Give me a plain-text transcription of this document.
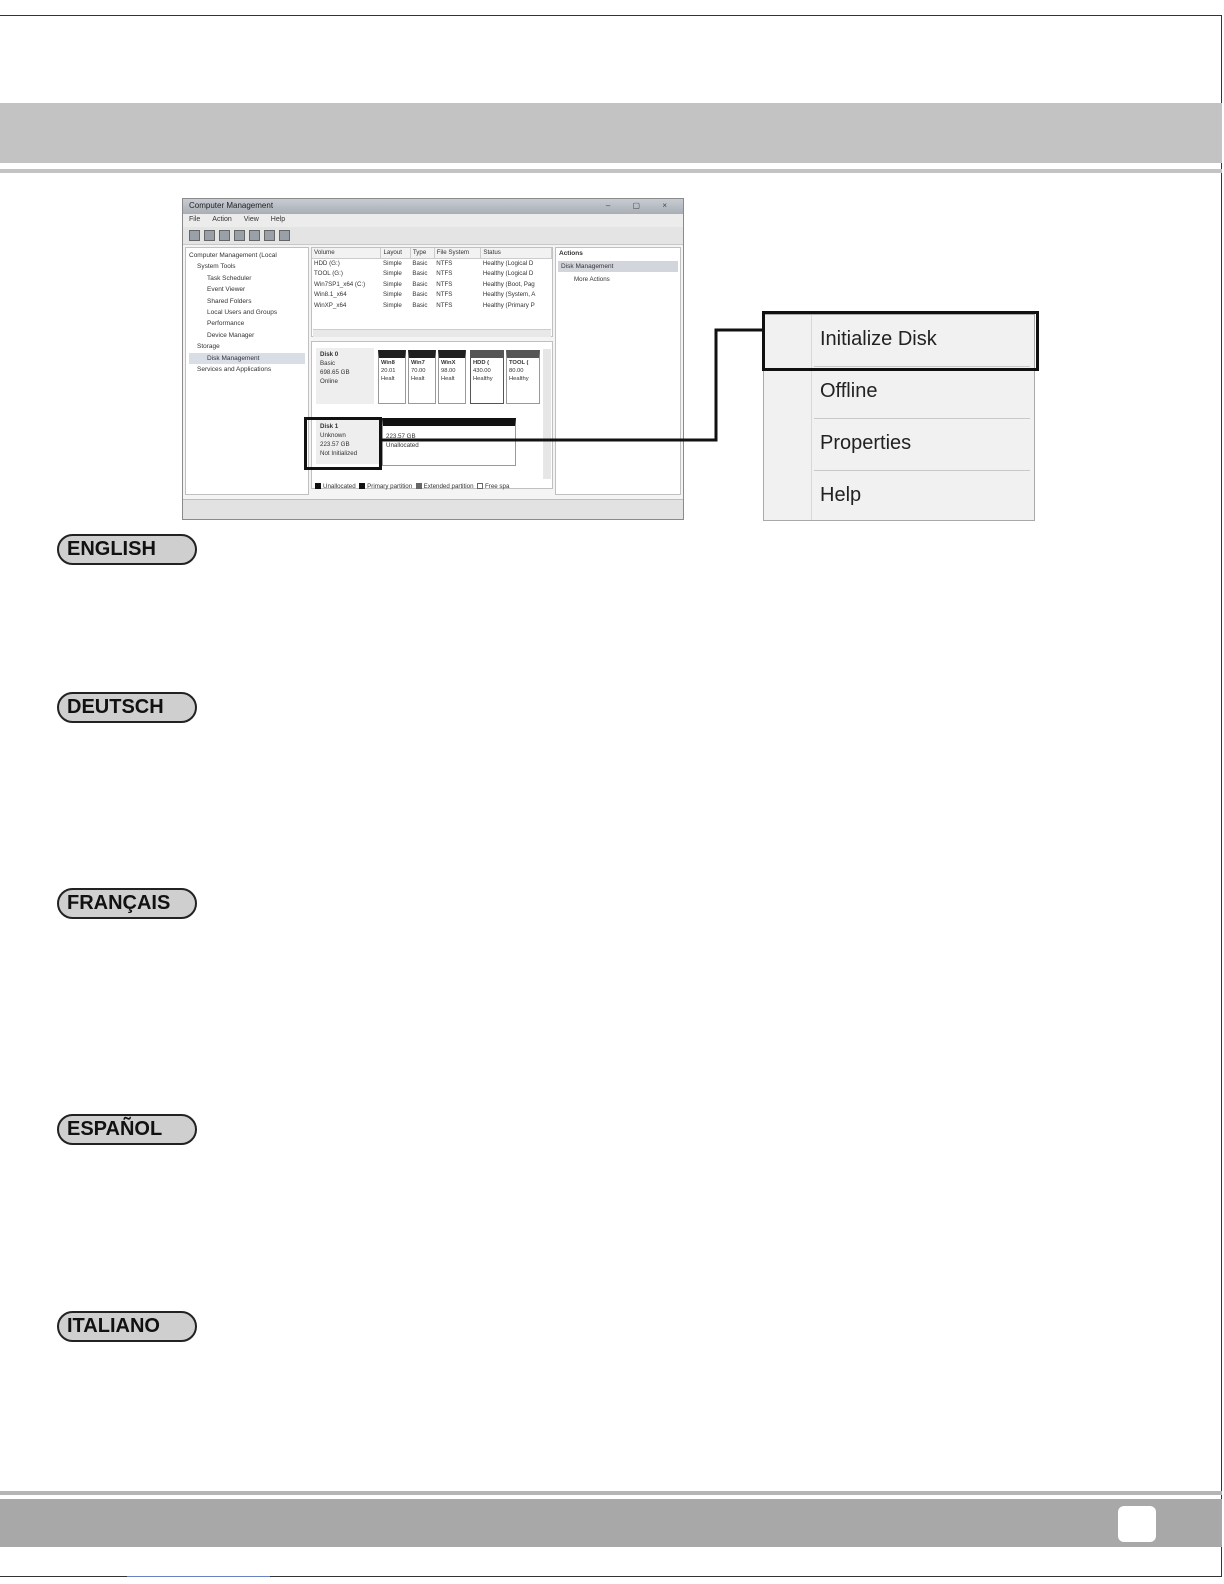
Computer Management	– ▢ ×
File Action View Help
Computer Management (Local
System Tools
Task Scheduler
Event Viewer
Shared Folders
Local Users and Groups
Performance
Device Manager
Storage
Disk Management
Services and Applications
Volume	Layout	Type	File System	Status
HDD (G:)	Simple	Basic	NTFS	Healthy (Logical D
TOOL (G:)	Simple	Basic	NTFS	Healthy (Logical D
Win7SP1_x64 (C:)	Simple	Basic	NTFS	Healthy (Boot, Pag
Win8.1_x64	Simple	Basic	NTFS	Healthy (System, A
WinXP_x64	Simple	Basic	NTFS	Healthy (Primary P
Disk 0
Basic
698.65 GB
Online
Win8
20.01
Healt
Win7
70.00
Healt
WinX
98.00
Healt
HDD (
430.00
Healthy
TOOL (
80.00
Healthy
Disk 1
Unknown
223.57 GB
Not Initialized
223.57 GB
Unallocated
Unallocated Primary partition Extended partition Free spa
Actions
Disk Management
More Actions
Initialize Disk
Offline
Properties
Help
ENGLISH
DEUTSCH
FRANÇAIS
ESPAÑOL
ITALIANO
